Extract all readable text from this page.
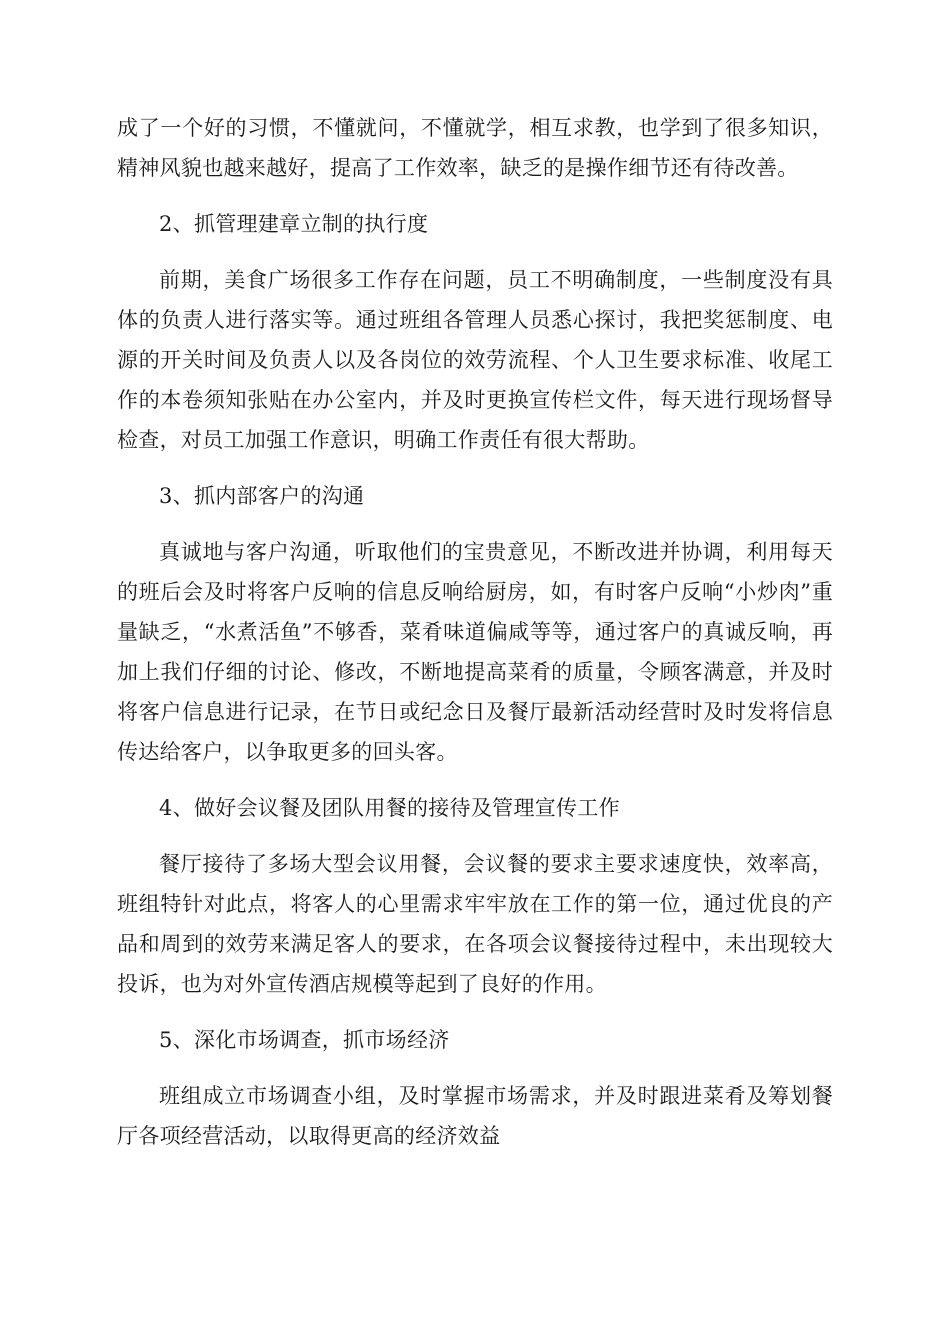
成了一个好的习惯，不懂就问，不懂就学，相互求教，也学到了很多知识，精神风貌也越来越好，提高了工作效率，缺乏的是操作细节还有待改善。

2、抓管理建章立制的执行度

前期，美食广场很多工作存在问题，员工不明确制度，一些制度没有具体的负责人进行落实等。通过班组各管理人员悉心探讨，我把奖惩制度、电源的开关时间及负责人以及各岗位的效劳流程、个人卫生要求标准、收尾工作的本卷须知张贴在办公室内，并及时更换宣传栏文件，每天进行现场督导检查，对员工加强工作意识，明确工作责任有很大帮助。

3、抓内部客户的沟通

真诚地与客户沟通，听取他们的宝贵意见，不断改进并协调，利用每天的班后会及时将客户反响的信息反响给厨房，如，有时客户反响“小炒肉”重量缺乏，“水煮活鱼”不够香，菜肴味道偏咸等等，通过客户的真诚反响，再加上我们仔细的讨论、修改，不断地提高菜肴的质量，令顾客满意，并及时将客户信息进行记录，在节日或纪念日及餐厅最新活动经营时及时发将信息传达给客户，以争取更多的回头客。

4、做好会议餐及团队用餐的接待及管理宣传工作

餐厅接待了多场大型会议用餐，会议餐的要求主要求速度快，效率高，班组特针对此点，将客人的心里需求牢牢放在工作的第一位，通过优良的产品和周到的效劳来满足客人的要求，在各项会议餐接待过程中，未出现较大投诉，也为对外宣传酒店规模等起到了良好的作用。

5、深化市场调查，抓市场经济

班组成立市场调查小组，及时掌握市场需求，并及时跟进菜肴及筹划餐厅各项经营活动，以取得更高的经济效益
